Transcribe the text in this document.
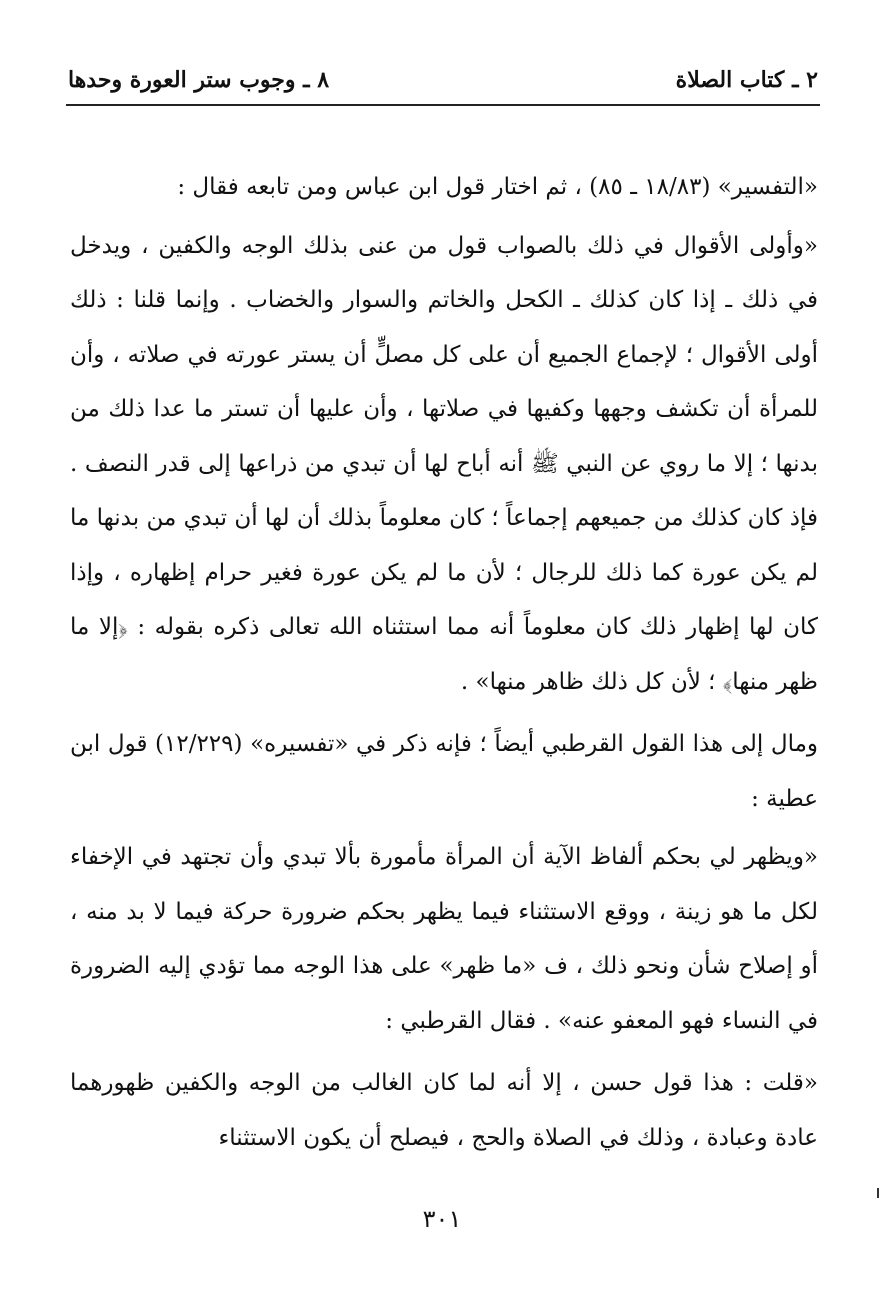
٢ ـ كتاب الصلاة
٨ ـ وجوب ستر العورة وحدها

«التفسير» (١٨/٨٣ ـ ٨٥) ، ثم اختار قول ابن عباس ومن تابعه فقال :

«وأولى الأقوال في ذلك بالصواب قول من عنى بذلك الوجه والكفين ، ويدخل في ذلك ـ إذا كان كذلك ـ الكحل والخاتم والسوار والخضاب . وإنما قلنا : ذلك أولى الأقوال ؛ لإجماع الجميع أن على كل مصلٍّ أن يستر عورته في صلاته ، وأن للمرأة أن تكشف وجهها وكفيها في صلاتها ، وأن عليها أن تستر ما عدا ذلك من بدنها ؛ إلا ما روي عن النبي ﷺ أنه أباح لها أن تبدي من ذراعها إلى قدر النصف . فإذ كان كذلك من جميعهم إجماعاً ؛ كان معلوماً بذلك أن لها أن تبدي من بدنها ما لم يكن عورة كما ذلك للرجال ؛ لأن ما لم يكن عورة فغير حرام إظهاره ، وإذا كان لها إظهار ذلك كان معلوماً أنه مما استثناه الله تعالى ذكره بقوله : ﴿إلا ما ظهر منها﴾ ؛ لأن كل ذلك ظاهر منها» .

ومال إلى هذا القول القرطبي أيضاً ؛ فإنه ذكر في «تفسيره» (١٢/٢٢٩) قول ابن عطية :

«ويظهر لي بحكم ألفاظ الآية أن المرأة مأمورة بألا تبدي وأن تجتهد في الإخفاء لكل ما هو زينة ، ووقع الاستثناء فيما يظهر بحكم ضرورة حركة فيما لا بد منه ، أو إصلاح شأن ونحو ذلك ، ف «ما ظهر» على هذا الوجه مما تؤدي إليه الضرورة في النساء فهو المعفو عنه» . فقال القرطبي :

«قلت : هذا قول حسن ، إلا أنه لما كان الغالب من الوجه والكفين ظهورهما عادة وعبادة ، وذلك في الصلاة والحج ، فيصلح أن يكون الاستثناء

٣٠١
